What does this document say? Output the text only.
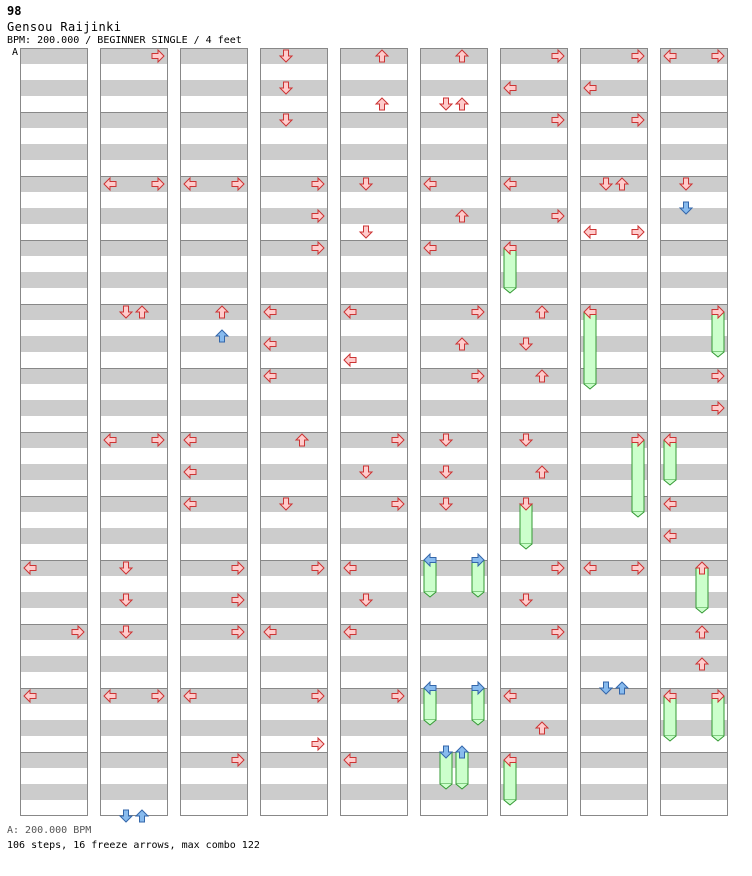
98
Gensou Raijinki
BPM: 200.000 / BEGINNER SINGLE / 4 feet
A
A: 200.000 BPM
106 steps, 16 freeze arrows, max combo 122
